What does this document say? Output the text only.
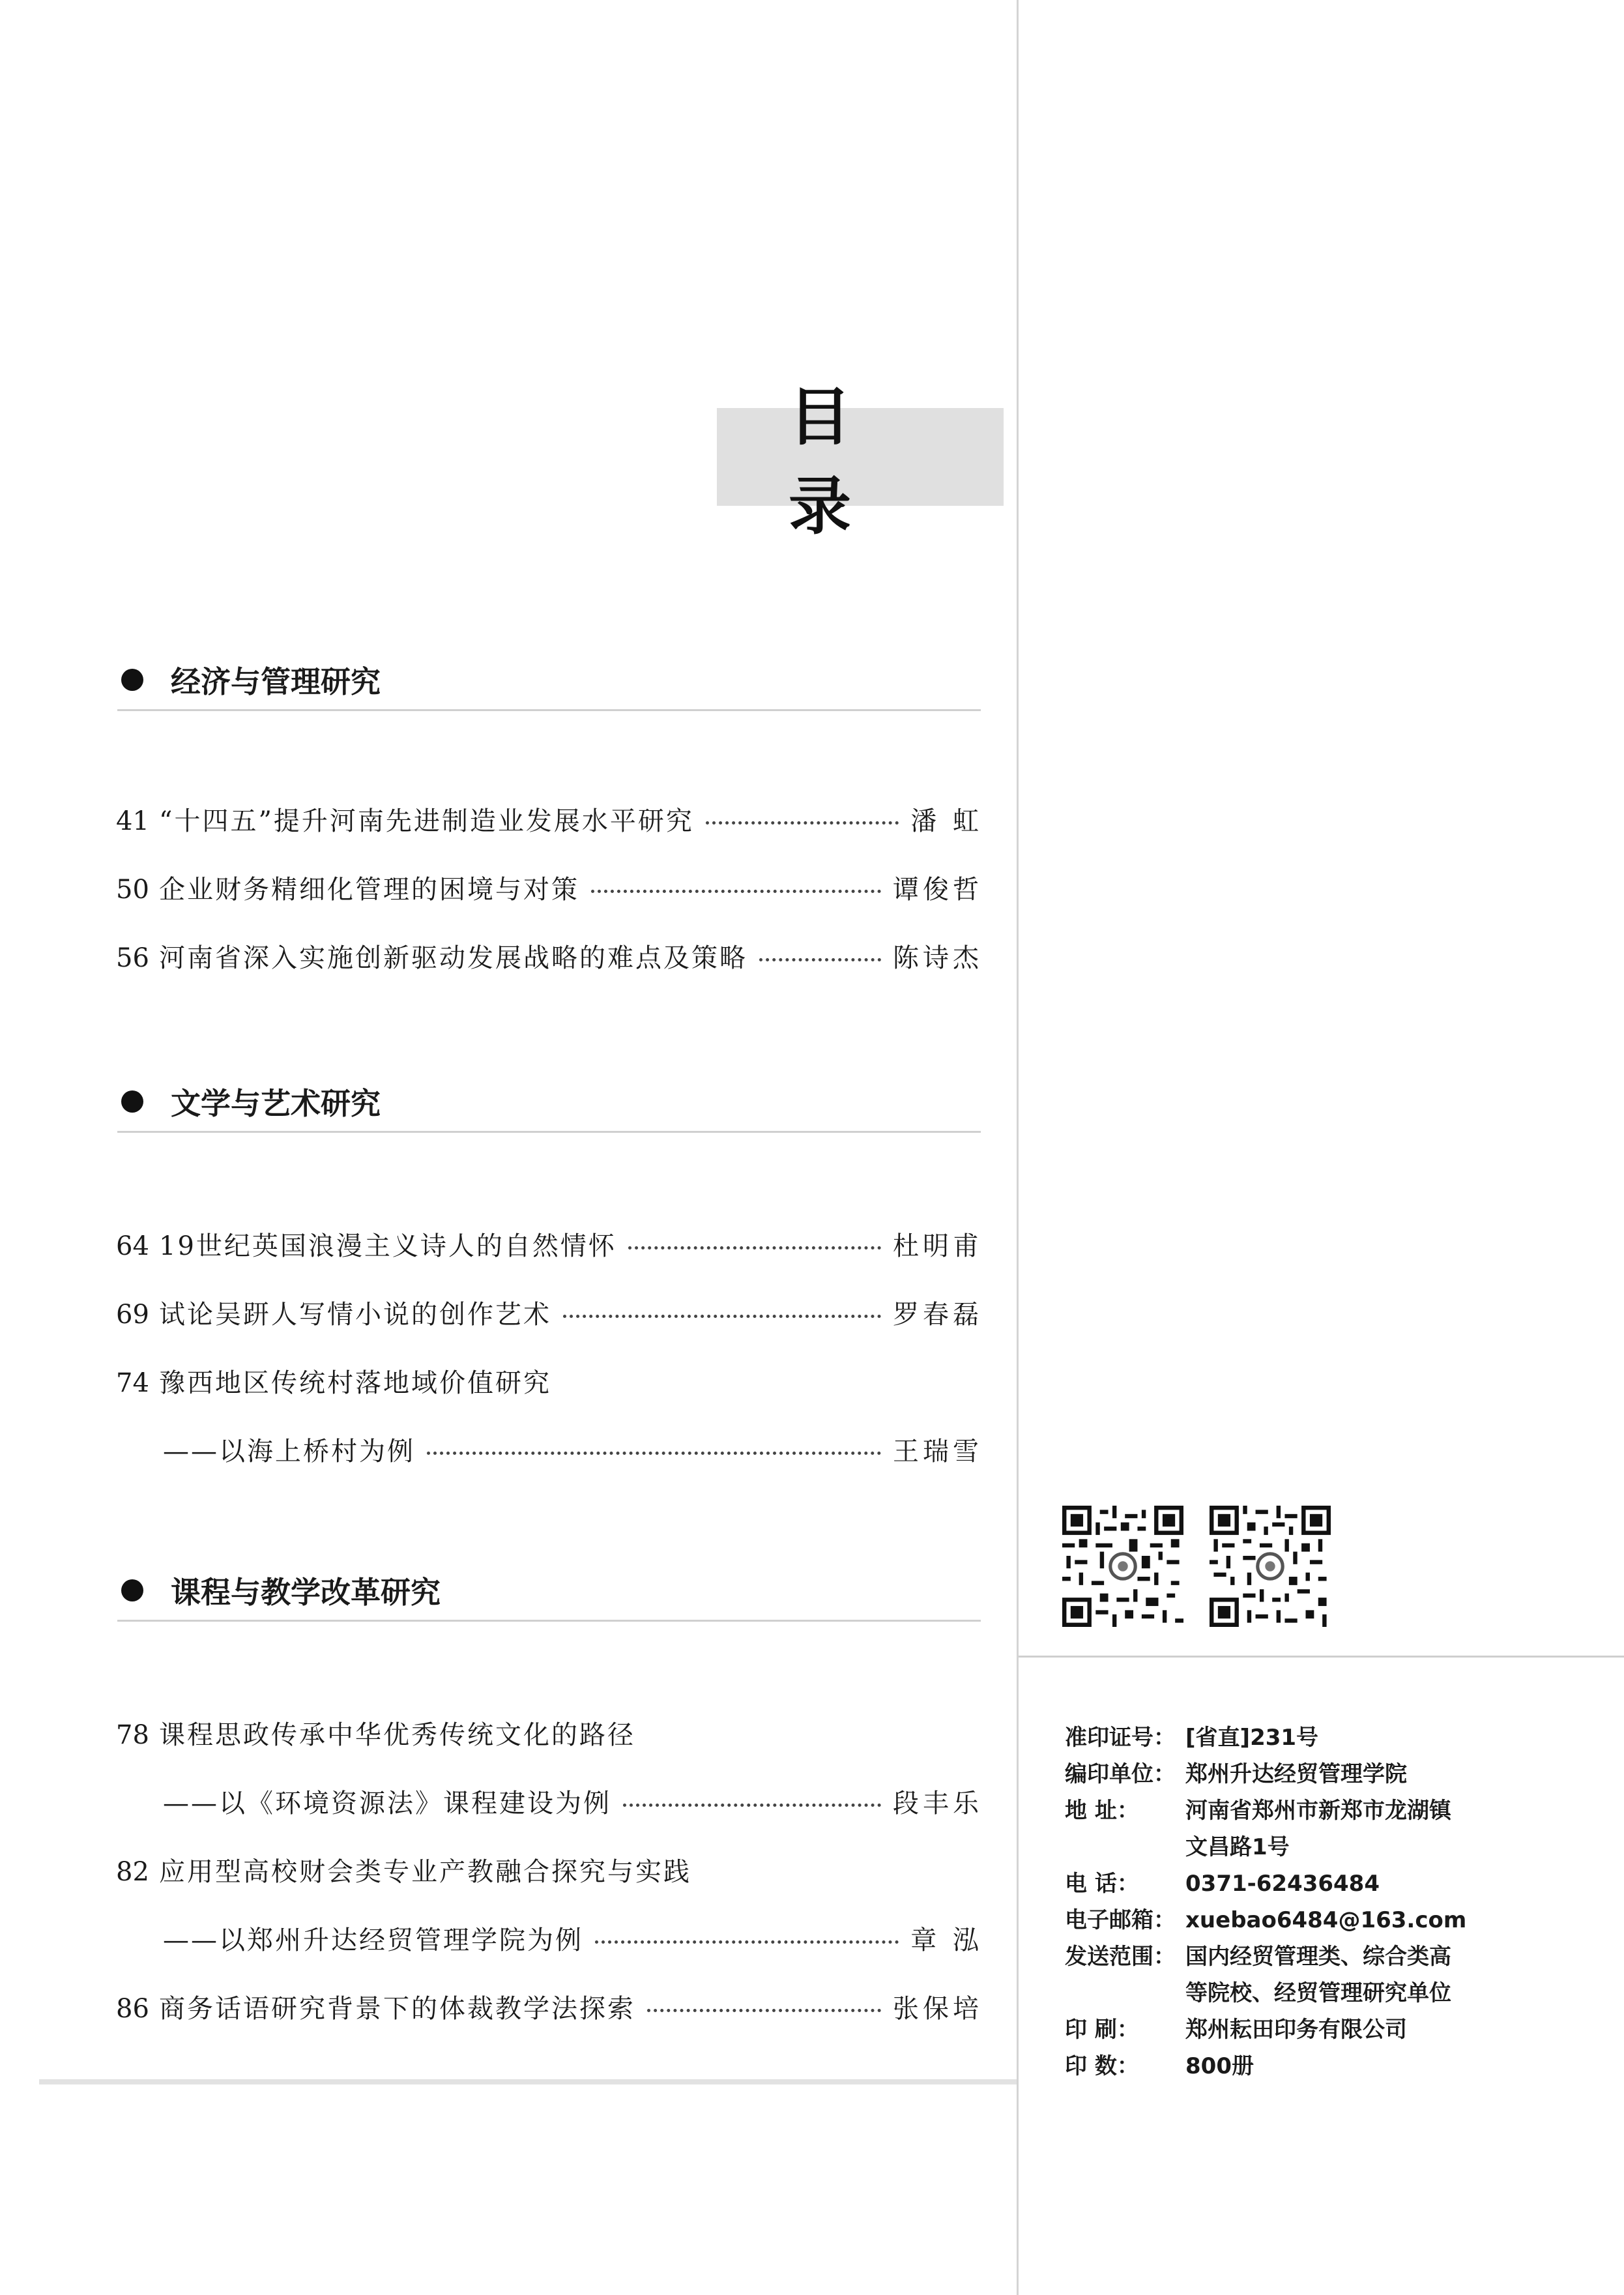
目 录
经济与管理研究
41 “十四五”提升河南先进制造业发展水平研究	潘 虹
50 企业财务精细化管理的困境与对策	谭俊哲
56 河南省深入实施创新驱动发展战略的难点及策略	陈诗杰
文学与艺术研究
64 19世纪英国浪漫主义诗人的自然情怀	杜明甫
69 试论吴趼人写情小说的创作艺术	罗春磊
74 豫西地区传统村落地域价值研究
——以海上桥村为例	王瑞雪
课程与教学改革研究
78 课程思政传承中华优秀传统文化的路径
——以《环境资源法》课程建设为例	段丰乐
82 应用型高校财会类专业产教融合探究与实践
——以郑州升达经贸管理学院为例	章 泓
86 商务话语研究背景下的体裁教学法探索	张保培
准印证号： [省直]231号
编印单位： 郑州升达经贸管理学院
地 址：	河南省郑州市新郑市龙湖镇
文昌路1号
电 话：	0371-62436484
电子邮箱： xuebao6484@163.com
发送范围： 国内经贸管理类、综合类高
等院校、经贸管理研究单位
印 刷：	郑州耘田印务有限公司
印 数：	800册
